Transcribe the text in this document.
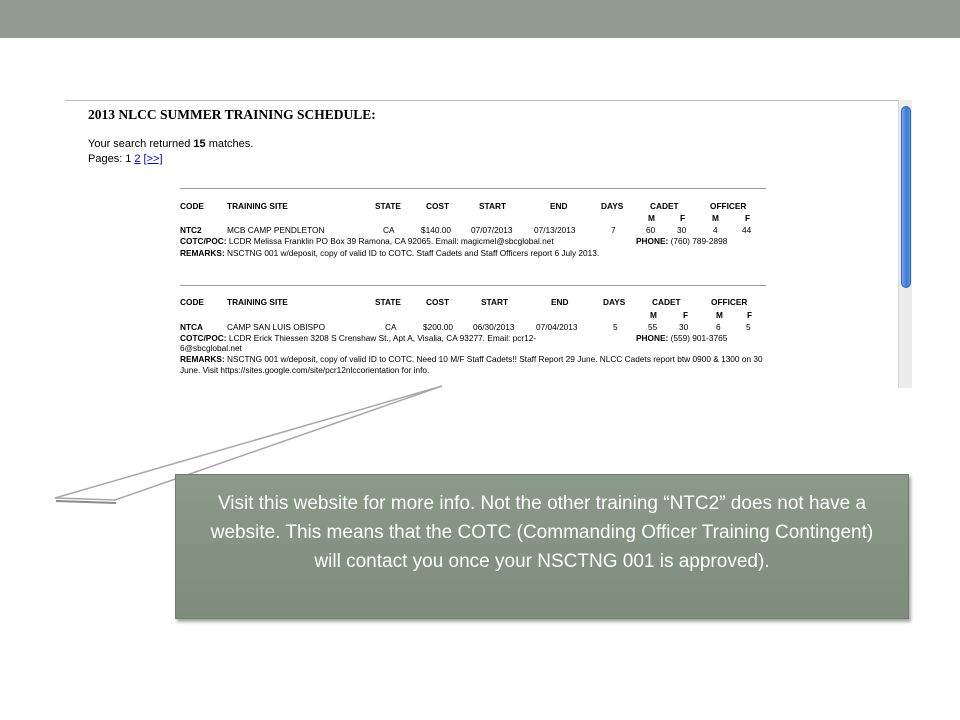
2013 NLCC SUMMER TRAINING SCHEDULE:
Your search returned 15 matches.
Pages: 1 2 [>>]
CODE	TRAINING SITE	STATE	COST	START	END	DAYS	CADET	OFFICER
M	F	M	F
NTC2	MCB CAMP PENDLETON	CA	$140.00 07/07/2013	07/13/2013	7	60	30	4	44
COTC/POC: LCDR Melissa Franklin PO Box 39 Ramona, CA 92065. Email: magicmel@sbcglobal.net	PHONE: (760) 789-2898
REMARKS: NSCTNG 001 w/deposit, copy of valid ID to COTC. Staff Cadets and Staff Officers report 6 July 2013.
CODE	TRAINING SITE	STATE	COST	START	END	DAYS	CADET	OFFICER
M	F	M	F
NTCA	CAMP SAN LUIS OBISPO	CA	$200.00 06/30/2013	07/04/2013	5	55	30	6	5
COTC/POC: LCDR Erick Thiessen 3208 S Crenshaw St., Apt A, Visalia, CA 93277. Email: pcr12-	PHONE: (559) 901-3765
6@sbcglobal.net
REMARKS: NSCTNG 001 w/deposit, copy of valid ID to COTC. Need 10 M/F Staff Cadets!! Staff Report 29 June. NLCC Cadets report btw 0900 & 1300 on 30 June. Visit https://sites.google.com/site/pcr12nlccorientation for info.
Visit this website for more info. Not the other training “NTC2” does not have a website. This means that the COTC (Commanding Officer Training Contingent) will contact you once your NSCTNG 001 is approved).
